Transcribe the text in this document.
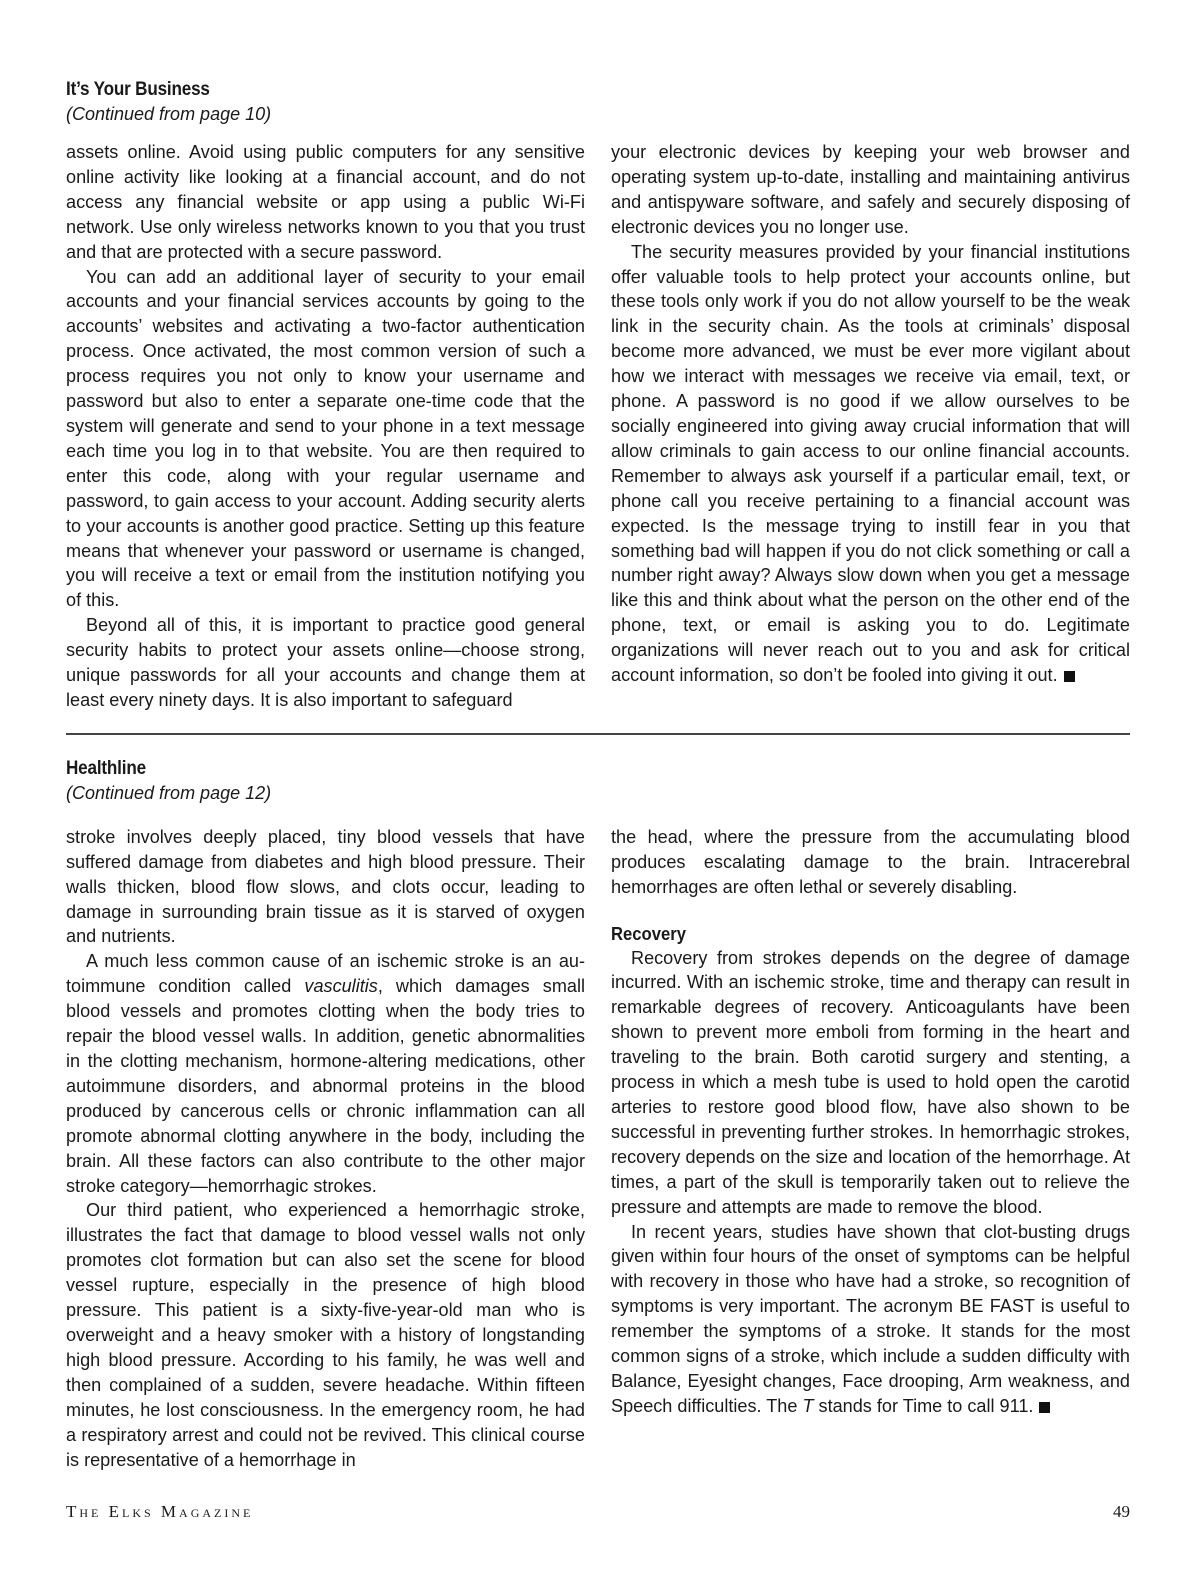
It’s Your Business
(Continued from page 10)

assets online. Avoid using public computers for any sensitive online activity like looking at a financial account, and do not access any financial website or app using a public Wi-Fi network. Use only wireless networks known to you that you trust and that are protected with a secure password.

You can add an additional layer of security to your email accounts and your financial services accounts by going to the accounts’ websites and activating a two-factor authentication process. Once activated, the most common version of such a process requires you not only to know your username and password but also to enter a separate one-time code that the system will generate and send to your phone in a text message each time you log in to that website. You are then required to enter this code, along with your regular username and password, to gain access to your account. Adding security alerts to your accounts is another good practice. Setting up this feature means that whenever your password or username is changed, you will receive a text or email from the institution notifying you of this.

Beyond all of this, it is important to practice good general security habits to protect your assets online—choose strong, unique passwords for all your accounts and change them at least every ninety days. It is also important to safeguard

your electronic devices by keeping your web browser and operating system up-to-date, installing and maintaining antivirus and antispyware software, and safely and securely disposing of electronic devices you no longer use.

The security measures provided by your financial institutions offer valuable tools to help protect your accounts online, but these tools only work if you do not allow yourself to be the weak link in the security chain. As the tools at criminals’ disposal become more advanced, we must be ever more vigilant about how we interact with messages we receive via email, text, or phone. A password is no good if we allow ourselves to be socially engineered into giving away crucial information that will allow criminals to gain access to our online financial accounts. Remember to always ask yourself if a particular email, text, or phone call you receive pertaining to a financial account was expected. Is the message trying to instill fear in you that something bad will happen if you do not click something or call a number right away? Always slow down when you get a message like this and think about what the person on the other end of the phone, text, or email is asking you to do. Legitimate organizations will never reach out to you and ask for critical account information, so don’t be fooled into giving it out.

Healthline
(Continued from page 12)

stroke involves deeply placed, tiny blood vessels that have suffered damage from diabetes and high blood pressure. Their walls thicken, blood flow slows, and clots occur, leading to damage in surrounding brain tissue as it is starved of oxygen and nutrients.

A much less common cause of an ischemic stroke is an autoimmune condition called vasculitis, which damages small blood vessels and promotes clotting when the body tries to repair the blood vessel walls. In addition, genetic abnormalities in the clotting mechanism, hormone-altering medications, other autoimmune disorders, and abnormal proteins in the blood produced by cancerous cells or chronic inflammation can all promote abnormal clotting anywhere in the body, including the brain. All these factors can also contribute to the other major stroke category—hemorrhagic strokes.

Our third patient, who experienced a hemorrhagic stroke, illustrates the fact that damage to blood vessel walls not only promotes clot formation but can also set the scene for blood vessel rupture, especially in the presence of high blood pressure. This patient is a sixty-five-year-old man who is overweight and a heavy smoker with a history of longstanding high blood pressure. According to his family, he was well and then complained of a sudden, severe headache. Within fifteen minutes, he lost consciousness. In the emergency room, he had a respiratory arrest and could not be revived. This clinical course is representative of a hemorrhage in

the head, where the pressure from the accumulating blood produces escalating damage to the brain. Intracerebral hemorrhages are often lethal or severely disabling.

Recovery

Recovery from strokes depends on the degree of damage incurred. With an ischemic stroke, time and therapy can result in remarkable degrees of recovery. Anticoagulants have been shown to prevent more emboli from forming in the heart and traveling to the brain. Both carotid surgery and stenting, a process in which a mesh tube is used to hold open the carotid arteries to restore good blood flow, have also shown to be successful in preventing further strokes. In hemorrhagic strokes, recovery depends on the size and location of the hemorrhage. At times, a part of the skull is temporarily taken out to relieve the pressure and attempts are made to remove the blood.

In recent years, studies have shown that clot-busting drugs given within four hours of the onset of symptoms can be helpful with recovery in those who have had a stroke, so recognition of symptoms is very important. The acronym BE FAST is useful to remember the symptoms of a stroke. It stands for the most common signs of a stroke, which include a sudden difficulty with Balance, Eyesight changes, Face drooping, Arm weakness, and Speech difficulties. The T stands for Time to call 911.

The Elks Magazine	49
